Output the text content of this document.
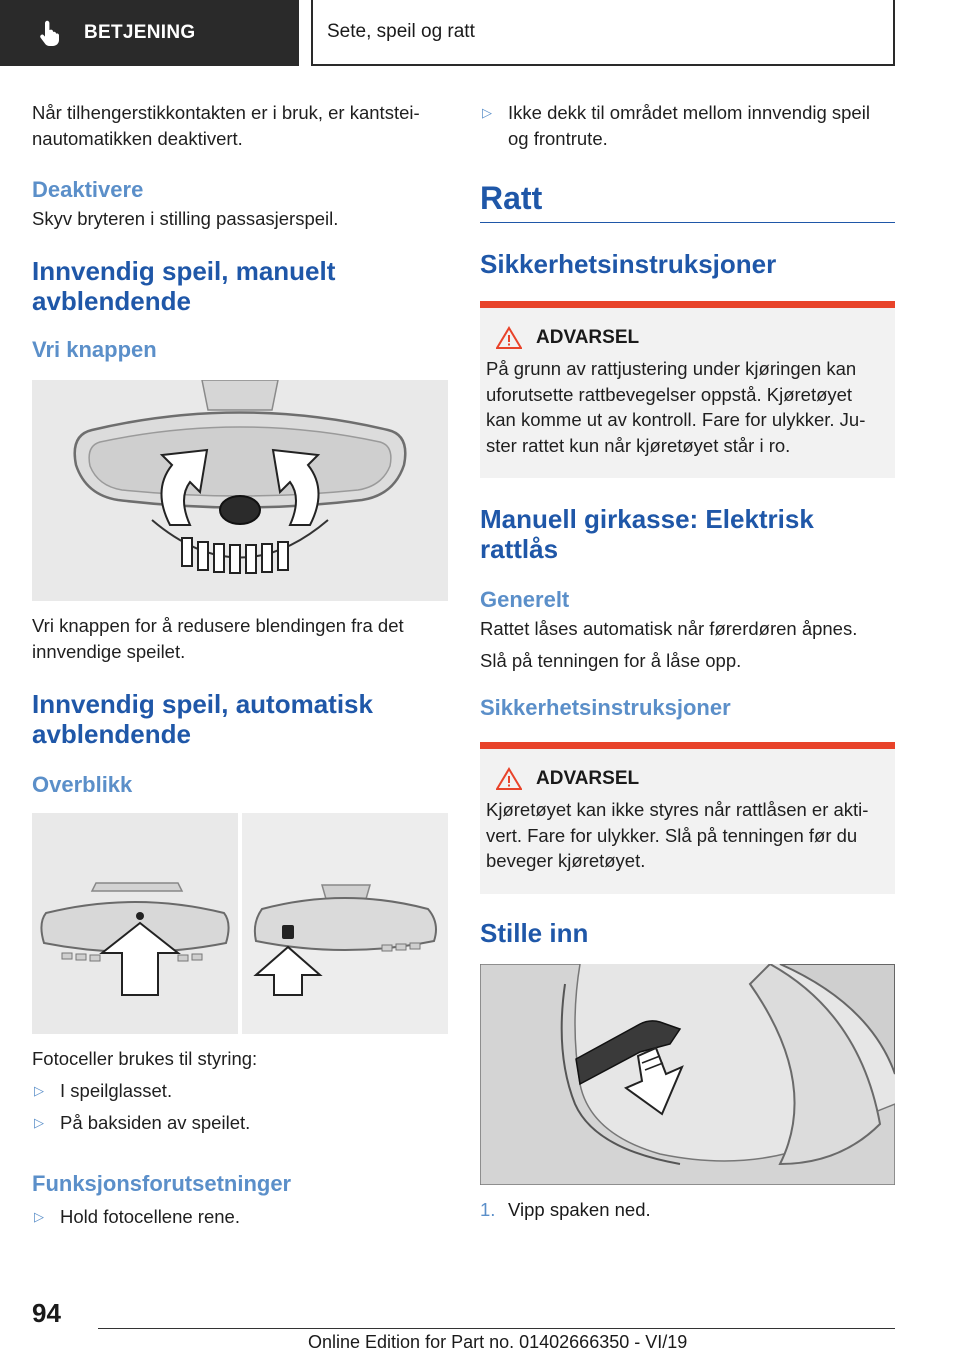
BETJENING	Sete, speil og ratt

Når tilhengerstikkontakten er i bruk, er kantsteinautomatikken deaktivert.

Deaktivere

Skyv bryteren i stilling passasjerspeil.

Innvendig speil, manuelt avblendende
Vri knappen

Vri knappen for å redusere blendingen fra det innvendige speilet.

Innvendig speil, automatisk avblendende
Overblikk

Fotoceller brukes til styring:

▷ I speilglasset.
▷ På baksiden av speilet.
Funksjonsforutsetninger
▷ Hold fotocellene rene.
▷ Ikke dekk til området mellom innvendig speil og frontrute.
Ratt
Sikkerhetsinstruksjoner
ADVARSEL

På grunn av rattjustering under kjøringen kan uforutsette rattbevegelser oppstå. Kjøretøyet kan komme ut av kontroll. Fare for ulykker. Juster rattet kun når kjøretøyet står i ro.

Manuell girkasse: Elektrisk rattlås
Generelt

Rattet låses automatisk når førerdøren åpnes.

Slå på tenningen for å låse opp.

Sikkerhetsinstruksjoner
ADVARSEL

Kjøretøyet kan ikke styres når rattlåsen er aktivert. Fare for ulykker. Slå på tenningen før du beveger kjøretøyet.

Stille inn
1. Vipp spaken ned.
94
Online Edition for Part no. 01402666350 - VI/19
